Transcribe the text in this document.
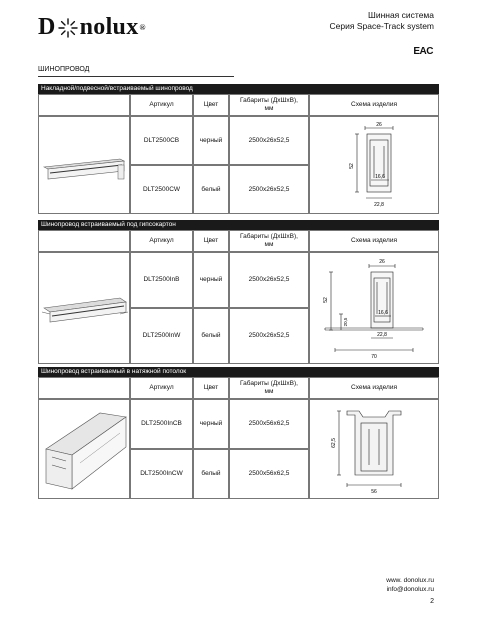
D nolux ®
Шинная система
Серия Space-Track system
EAC
ШИНОПРОВОД
Накладной/подвесной/встраиваемый шинопровод
Артикул	Цвет
Габариты (ДхШхВ),
мм
Схема изделия
DLT2500CB	черный	2500x26x52,5
DLT2500CW	белый	2500x26x52,5
26
52
16,6
22,8
Шинопровод встраиваемый под гипсокартон
Артикул	Цвет
Габариты (ДхШхВ),
мм
Схема изделия
DLT2500InB	черный	2500x26x52,5
DLT2500InW	белый	2500x26x52,5
26
52
20,5
16,6
22,8
70
Шинопровод встраиваемый в натяжной потолок
Артикул	Цвет
Габариты (ДхШхВ),
мм
Схема изделия
DLT2500InCB	черный	2500x56x62,5
DLT2500InCW	белый	2500x56x62,5
62,5
56
www. donolux.ru
info@donolux.ru
2
